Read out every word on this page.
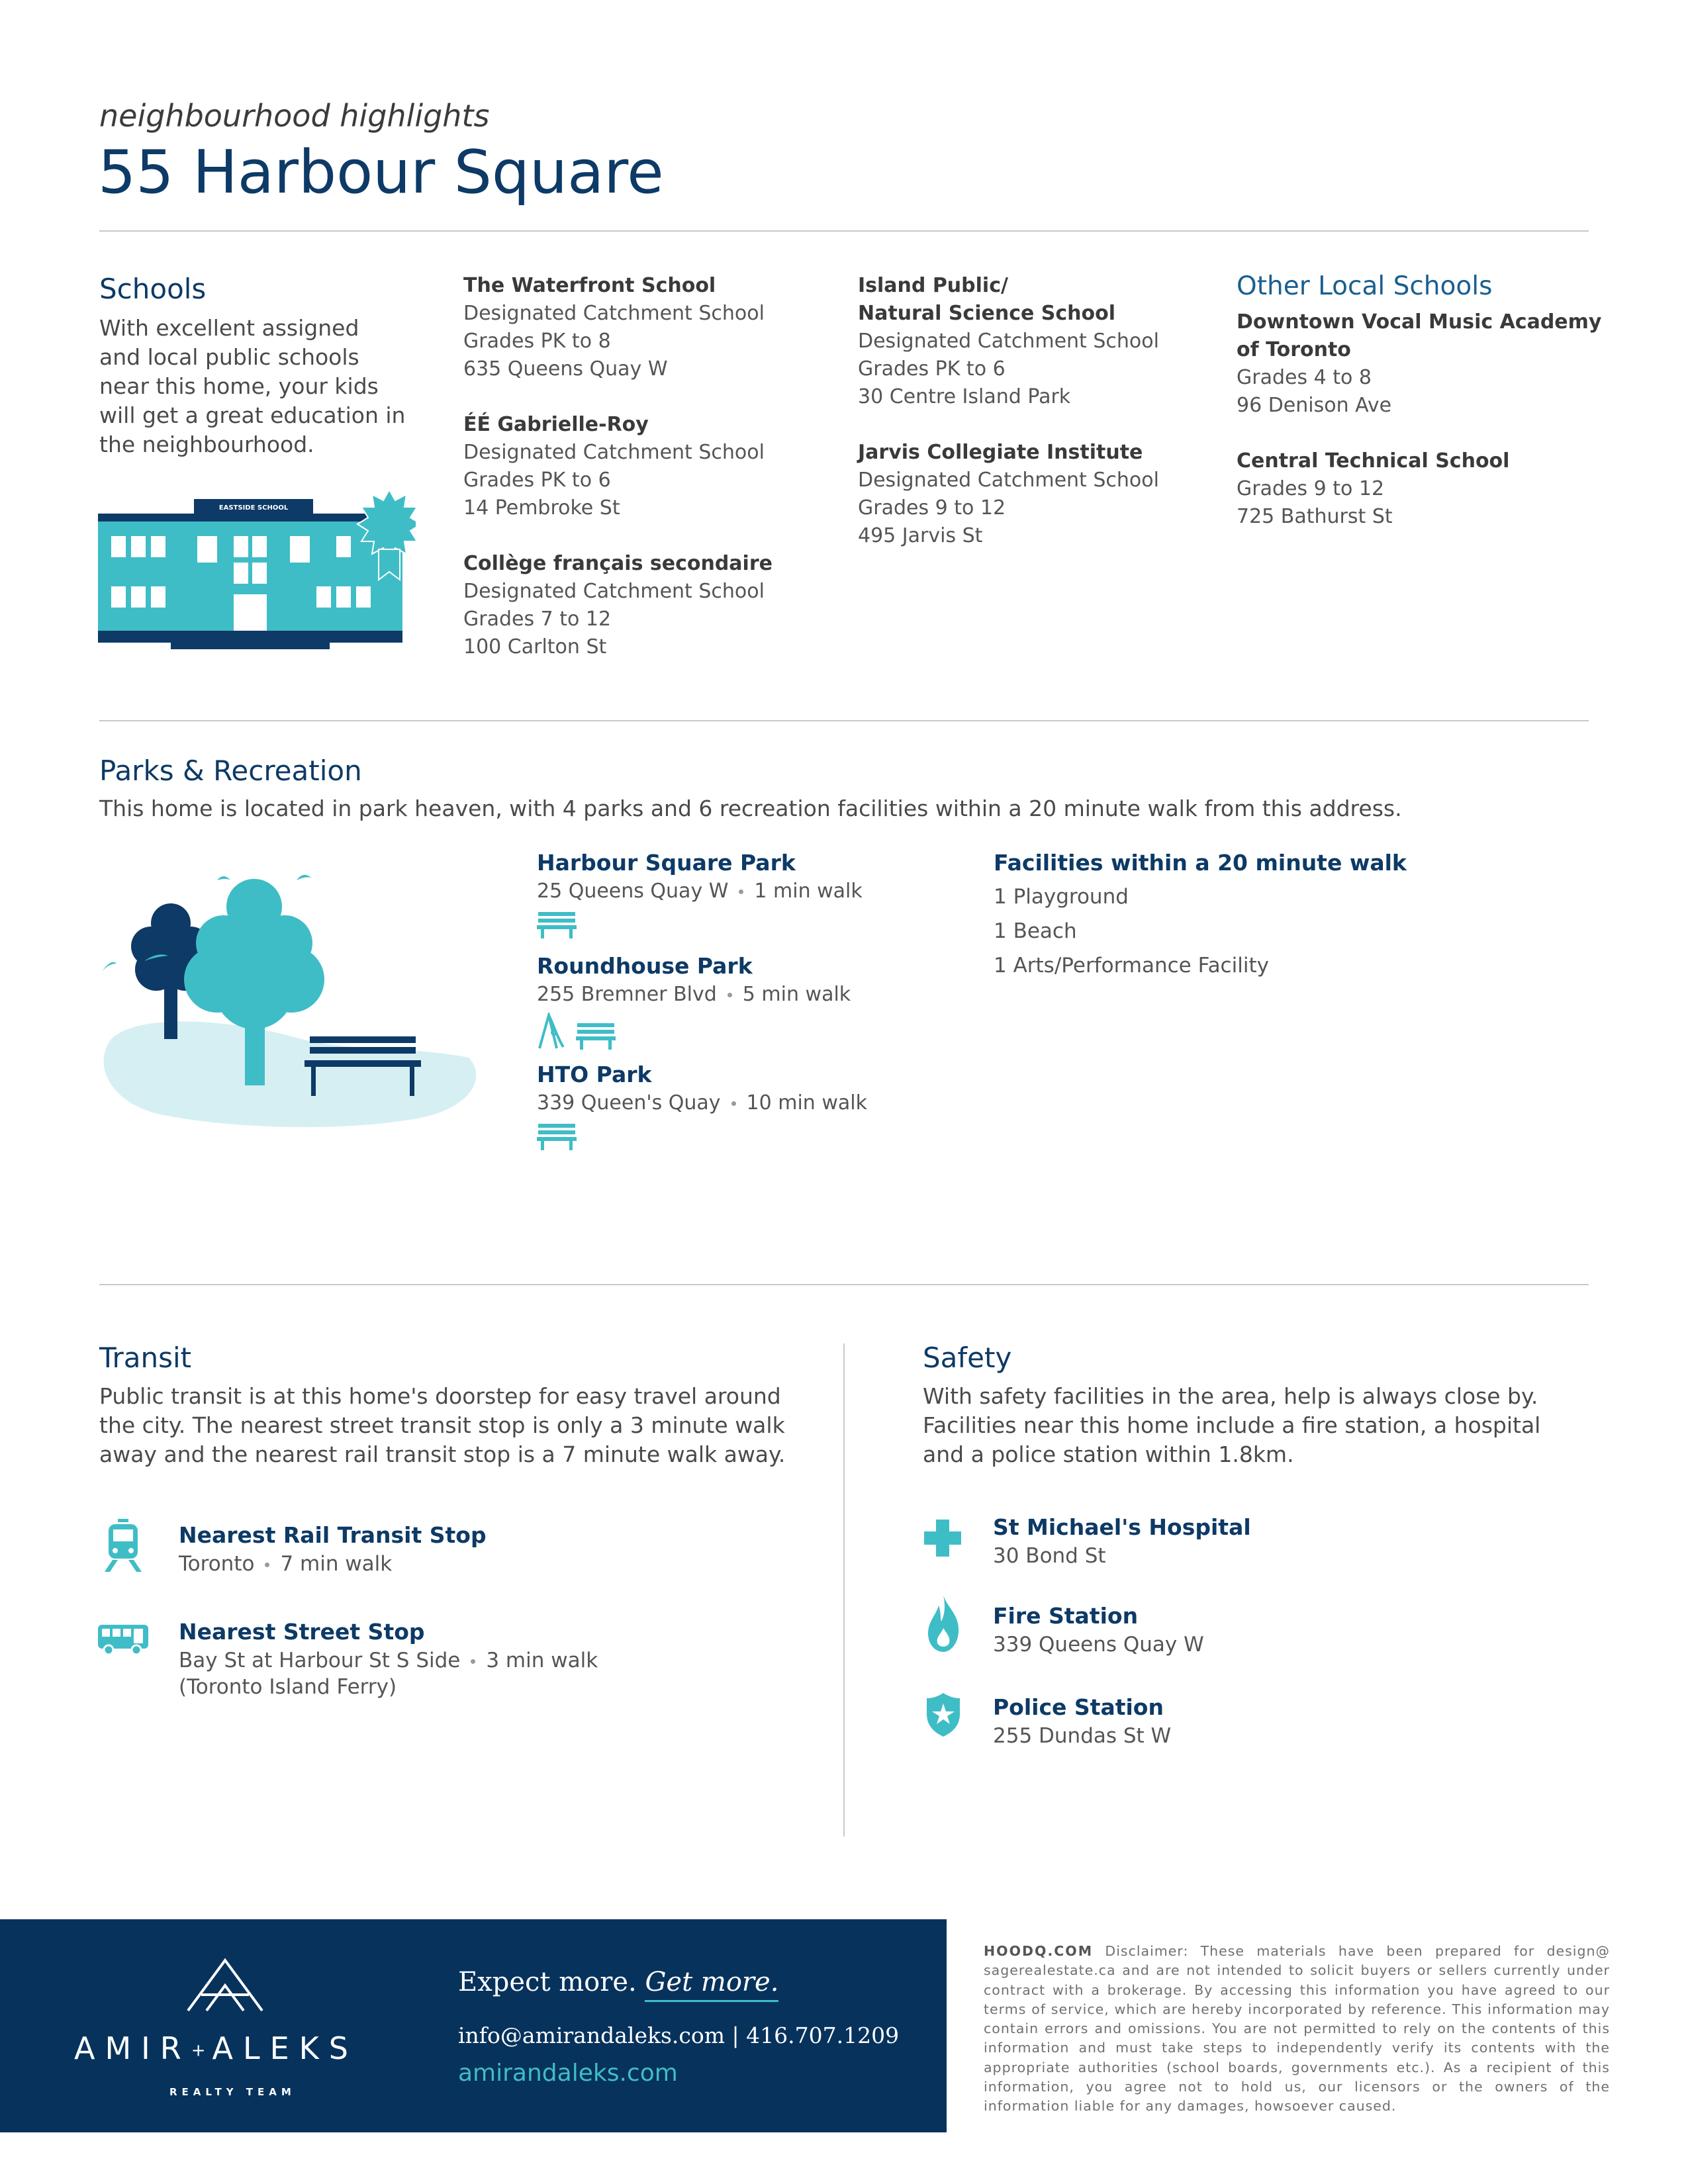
neighbourhood highlights
55 Harbour Square
Schools
With excellent assigned
and local public schools
near this home, your kids
will get a great education in
the neighbourhood.
EASTSIDE SCHOOL
The Waterfront School
Designated Catchment School
Grades PK to 8
635 Queens Quay W

ÉÉ Gabrielle-Roy
Designated Catchment School
Grades PK to 6
14 Pembroke St

Collège français secondaire
Designated Catchment School
Grades 7 to 12
100 Carlton St
Island Public/
Natural Science School
Designated Catchment School
Grades PK to 6
30 Centre Island Park

Jarvis Collegiate Institute
Designated Catchment School
Grades 9 to 12
495 Jarvis St
Other Local Schools
Downtown Vocal Music Academy
of Toronto
Grades 4 to 8
96 Denison Ave

Central Technical School
Grades 9 to 12
725 Bathurst St
Parks & Recreation
This home is located in park heaven, with 4 parks and 6 recreation facilities within a 20 minute walk from this address.
Harbour Square Park
25 Queens Quay W 1 min walk
Roundhouse Park
255 Bremner Blvd 5 min walk

HTO Park
339 Queen's Quay 10 min walk
Facilities within a 20 minute walk
1 Playground
1 Beach
1 Arts/Performance Facility
Transit
Public transit is at this home's doorstep for easy travel around
the city. The nearest street transit stop is only a 3 minute walk
away and the nearest rail transit stop is a 7 minute walk away.
Nearest Rail Transit Stop
Toronto 7 min walk
Nearest Street Stop
Bay St at Harbour St S Side 3 min walk
(Toronto Island Ferry)
Safety
With safety facilities in the area, help is always close by.
Facilities near this home include a fire station, a hospital
and a police station within 1.8km.
St Michael's Hospital
30 Bond St
Fire Station
339 Queens Quay W
Police Station
255 Dundas St W
AMIR+ALEKS
REALTY TEAM
Expect more. Get more.
info@amirandaleks.com | 416.707.1209
amirandaleks.com
HOODQ.COM Disclaimer: These materials have been prepared for design@ sagerealestate.ca and are not intended to solicit buyers or sellers currently under contract with a brokerage. By accessing this information you have agreed to our terms of service, which are hereby incorporated by reference. This information may contain errors and omissions. You are not permitted to rely on the contents of this information and must take steps to independently verify its contents with the appropriate authorities (school boards, governments etc.). As a recipient of this information, you agree not to hold us, our licensors or the owners of the information liable for any damages, howsoever caused.
